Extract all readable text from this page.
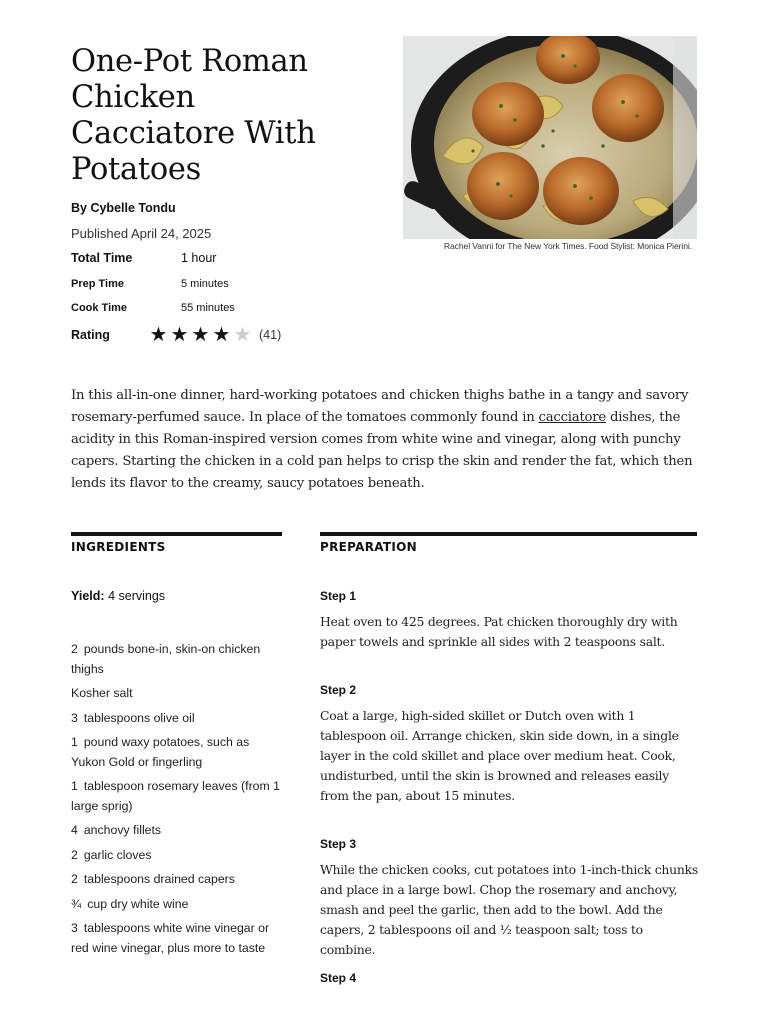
One-Pot Roman Chicken Cacciatore With Potatoes
By Cybelle Tondu
Published April 24, 2025
Total Time	1 hour
Prep Time	5 minutes
Cook Time	55 minutes
Rating ★ ★ ★ ★ ★ (41)
Rachel Vanni for The New York Times. Food Stylist: Monica Pierini.

In this all-in-one dinner, hard-working potatoes and chicken thighs bathe in a tangy and savory rosemary-perfumed sauce. In place of the tomatoes commonly found in cacciatore dishes, the acidity in this Roman-inspired version comes from white wine and vinegar, along with punchy capers. Starting the chicken in a cold pan helps to crisp the skin and render the fat, which then lends its flavor to the creamy, saucy potatoes beneath.

INGREDIENTS	PREPARATION
Yield: 4 servings
2 pounds bone-in, skin-on chicken thighs
Kosher salt
3 tablespoons olive oil
1 pound waxy potatoes, such as Yukon Gold or fingerling
1 tablespoon rosemary leaves (from 1 large sprig)
4 anchovy fillets
2 garlic cloves
2 tablespoons drained capers
¾ cup dry white wine
3 tablespoons white wine vinegar or red wine vinegar, plus more to taste
Step 1
Heat oven to 425 degrees. Pat chicken thoroughly dry with paper towels and sprinkle all sides with 2 teaspoons salt.
Step 2
Coat a large, high-sided skillet or Dutch oven with 1 tablespoon oil. Arrange chicken, skin side down, in a single layer in the cold skillet and place over medium heat. Cook, undisturbed, until the skin is browned and releases easily from the pan, about 15 minutes.
Step 3
While the chicken cooks, cut potatoes into 1-inch-thick chunks and place in a large bowl. Chop the rosemary and anchovy, smash and peel the garlic, then add to the bowl. Add the capers, 2 tablespoons oil and ½ teaspoon salt; toss to combine.
Step 4
